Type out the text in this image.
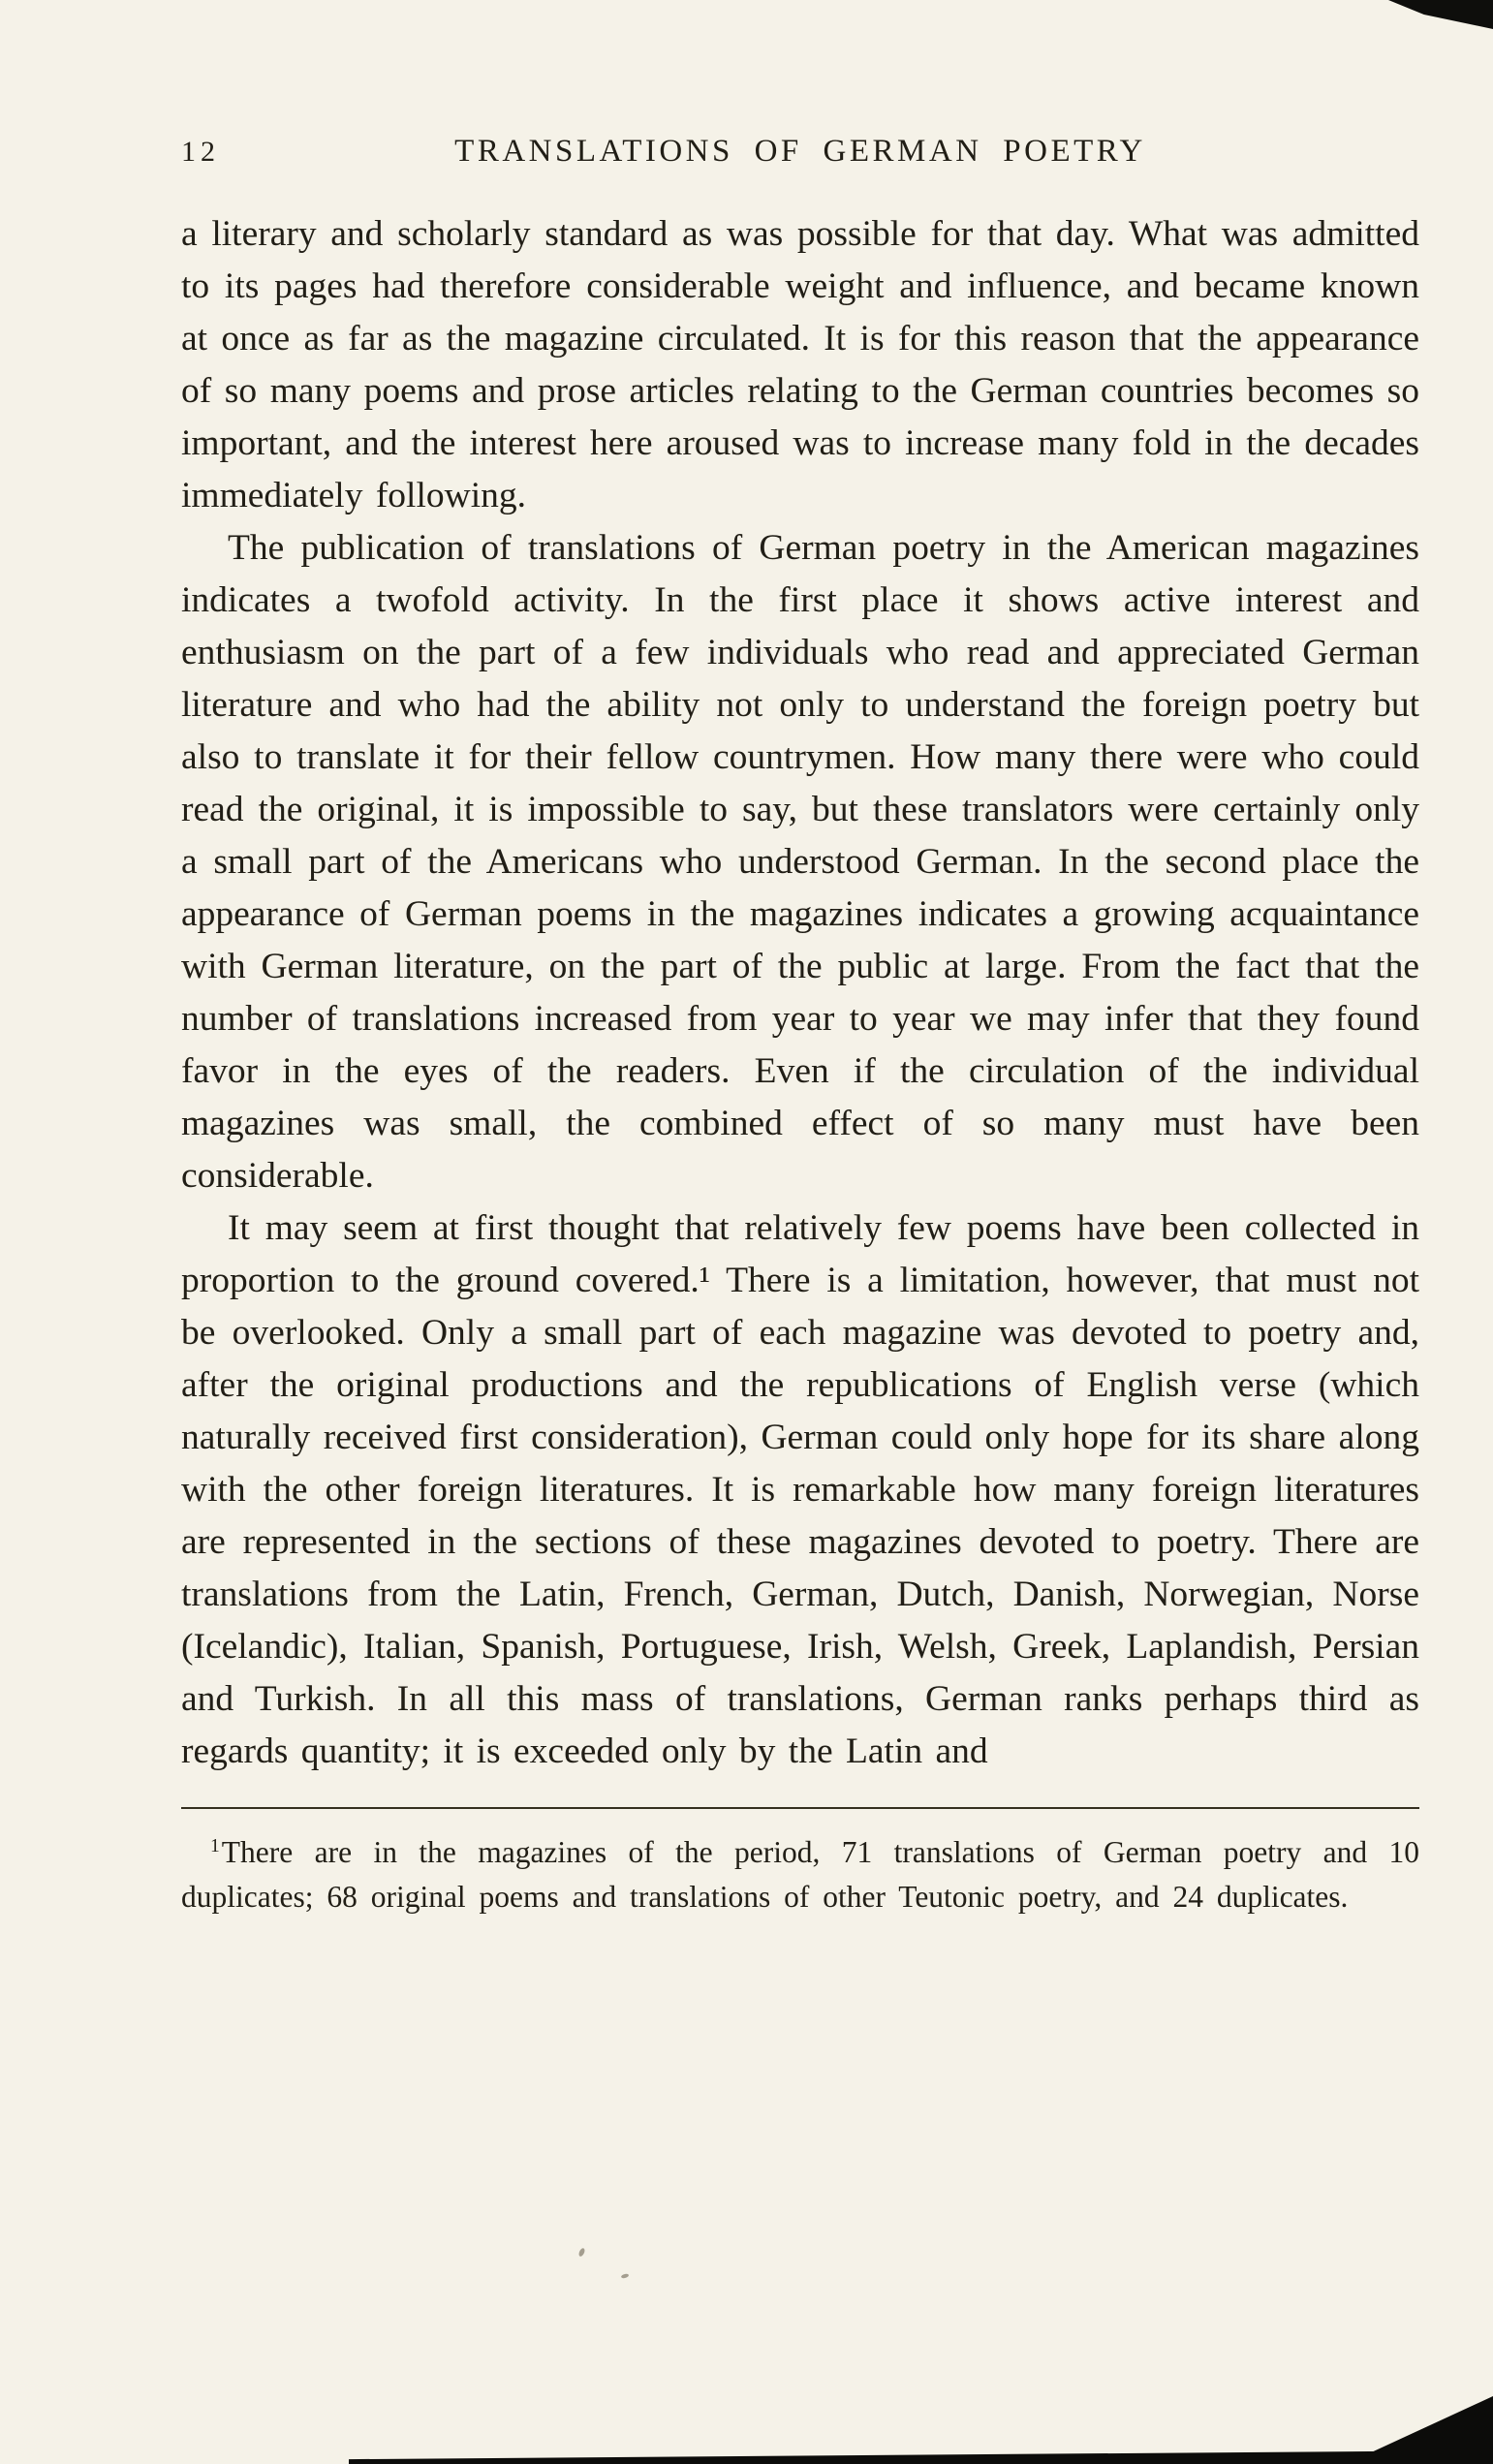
12	TRANSLATIONS OF GERMAN POETRY

a literary and scholarly standard as was possible for that day. What was admitted to its pages had therefore considerable weight and influence, and became known at once as far as the magazine circulated. It is for this reason that the appearance of so many poems and prose articles relating to the German countries becomes so important, and the interest here aroused was to increase many fold in the decades immediately following.

The publication of translations of German poetry in the American magazines indicates a twofold activity. In the first place it shows active interest and enthusiasm on the part of a few individuals who read and appreciated German literature and who had the ability not only to understand the foreign poetry but also to translate it for their fellow countrymen. How many there were who could read the original, it is impossible to say, but these translators were certainly only a small part of the Americans who understood German. In the second place the appearance of German poems in the magazines indicates a growing acquaintance with German literature, on the part of the public at large. From the fact that the number of translations increased from year to year we may infer that they found favor in the eyes of the readers. Even if the circulation of the individual magazines was small, the combined effect of so many must have been considerable.

It may seem at first thought that relatively few poems have been collected in proportion to the ground covered.¹ There is a limitation, however, that must not be overlooked. Only a small part of each magazine was devoted to poetry and, after the original productions and the republications of English verse (which naturally received first consideration), German could only hope for its share along with the other foreign literatures. It is remarkable how many foreign literatures are represented in the sections of these magazines devoted to poetry. There are translations from the Latin, French, German, Dutch, Danish, Norwegian, Norse (Icelandic), Italian, Spanish, Portuguese, Irish, Welsh, Greek, Laplandish, Persian and Turkish. In all this mass of translations, German ranks perhaps third as regards quantity; it is exceeded only by the Latin and

$^1$There are in the magazines of the period, 71 translations of German poetry and 10 duplicates; 68 original poems and translations of other Teutonic poetry, and 24 duplicates.
